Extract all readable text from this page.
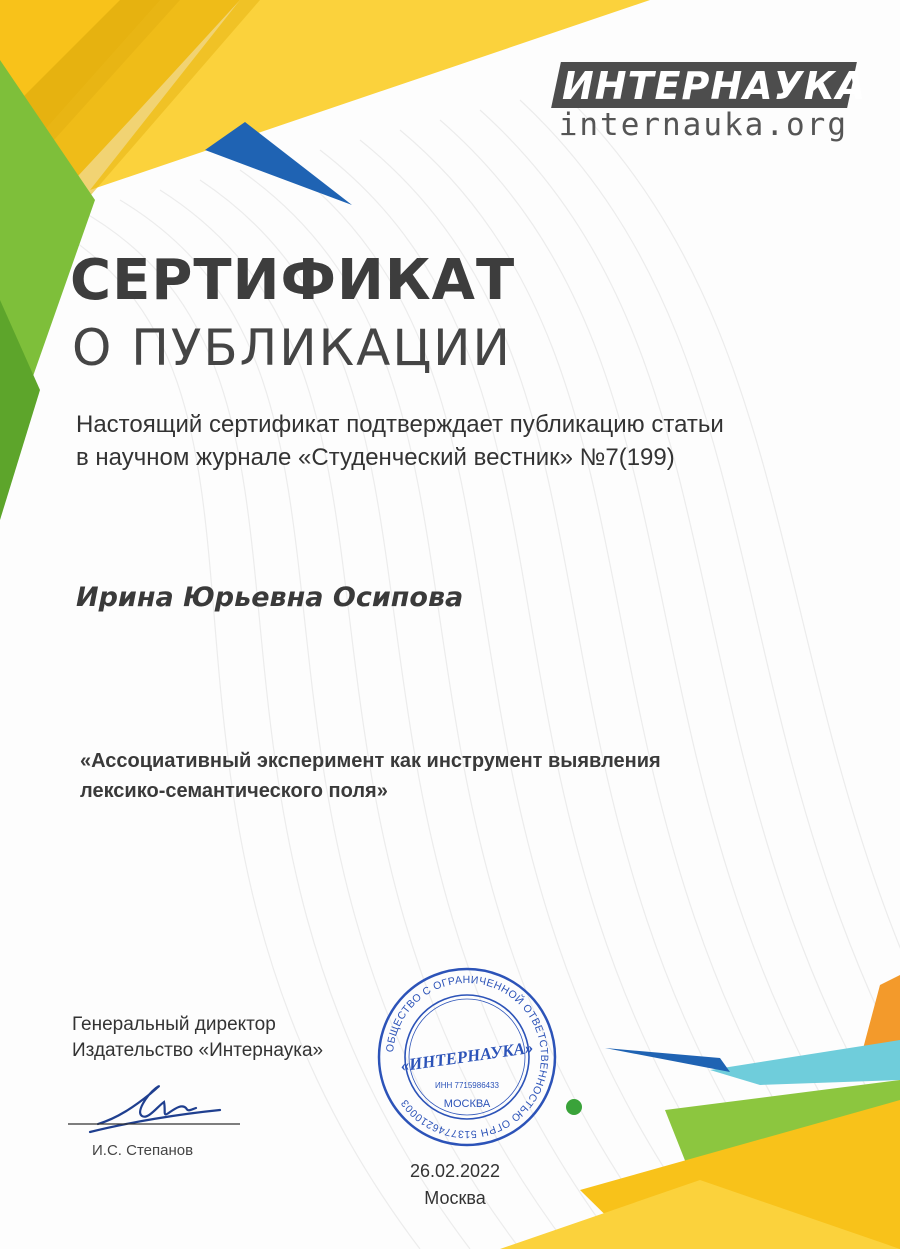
ИНТЕРНАУКА
internauka.org
СЕРТИФИКАТ
О ПУБЛИКАЦИИ
Настоящий сертификат подтверждает публикацию статьи
в научном журнале «Студенческий вестник» №7(199)
Ирина Юрьевна Осипова
«Ассоциативный эксперимент как инструмент выявления
лексико-семантического поля»
Генеральный директор
Издательство «Интернаука»
И.С. Степанов
ОБЩЕСТВО С ОГРАНИЧЕННОЙ ОТВЕТСТВЕННОСТЬЮ ОГРН 5137746210003
«ИНТЕРНАУКА»
ИНН 7715986433
МОСКВА
26.02.2022
Москва
